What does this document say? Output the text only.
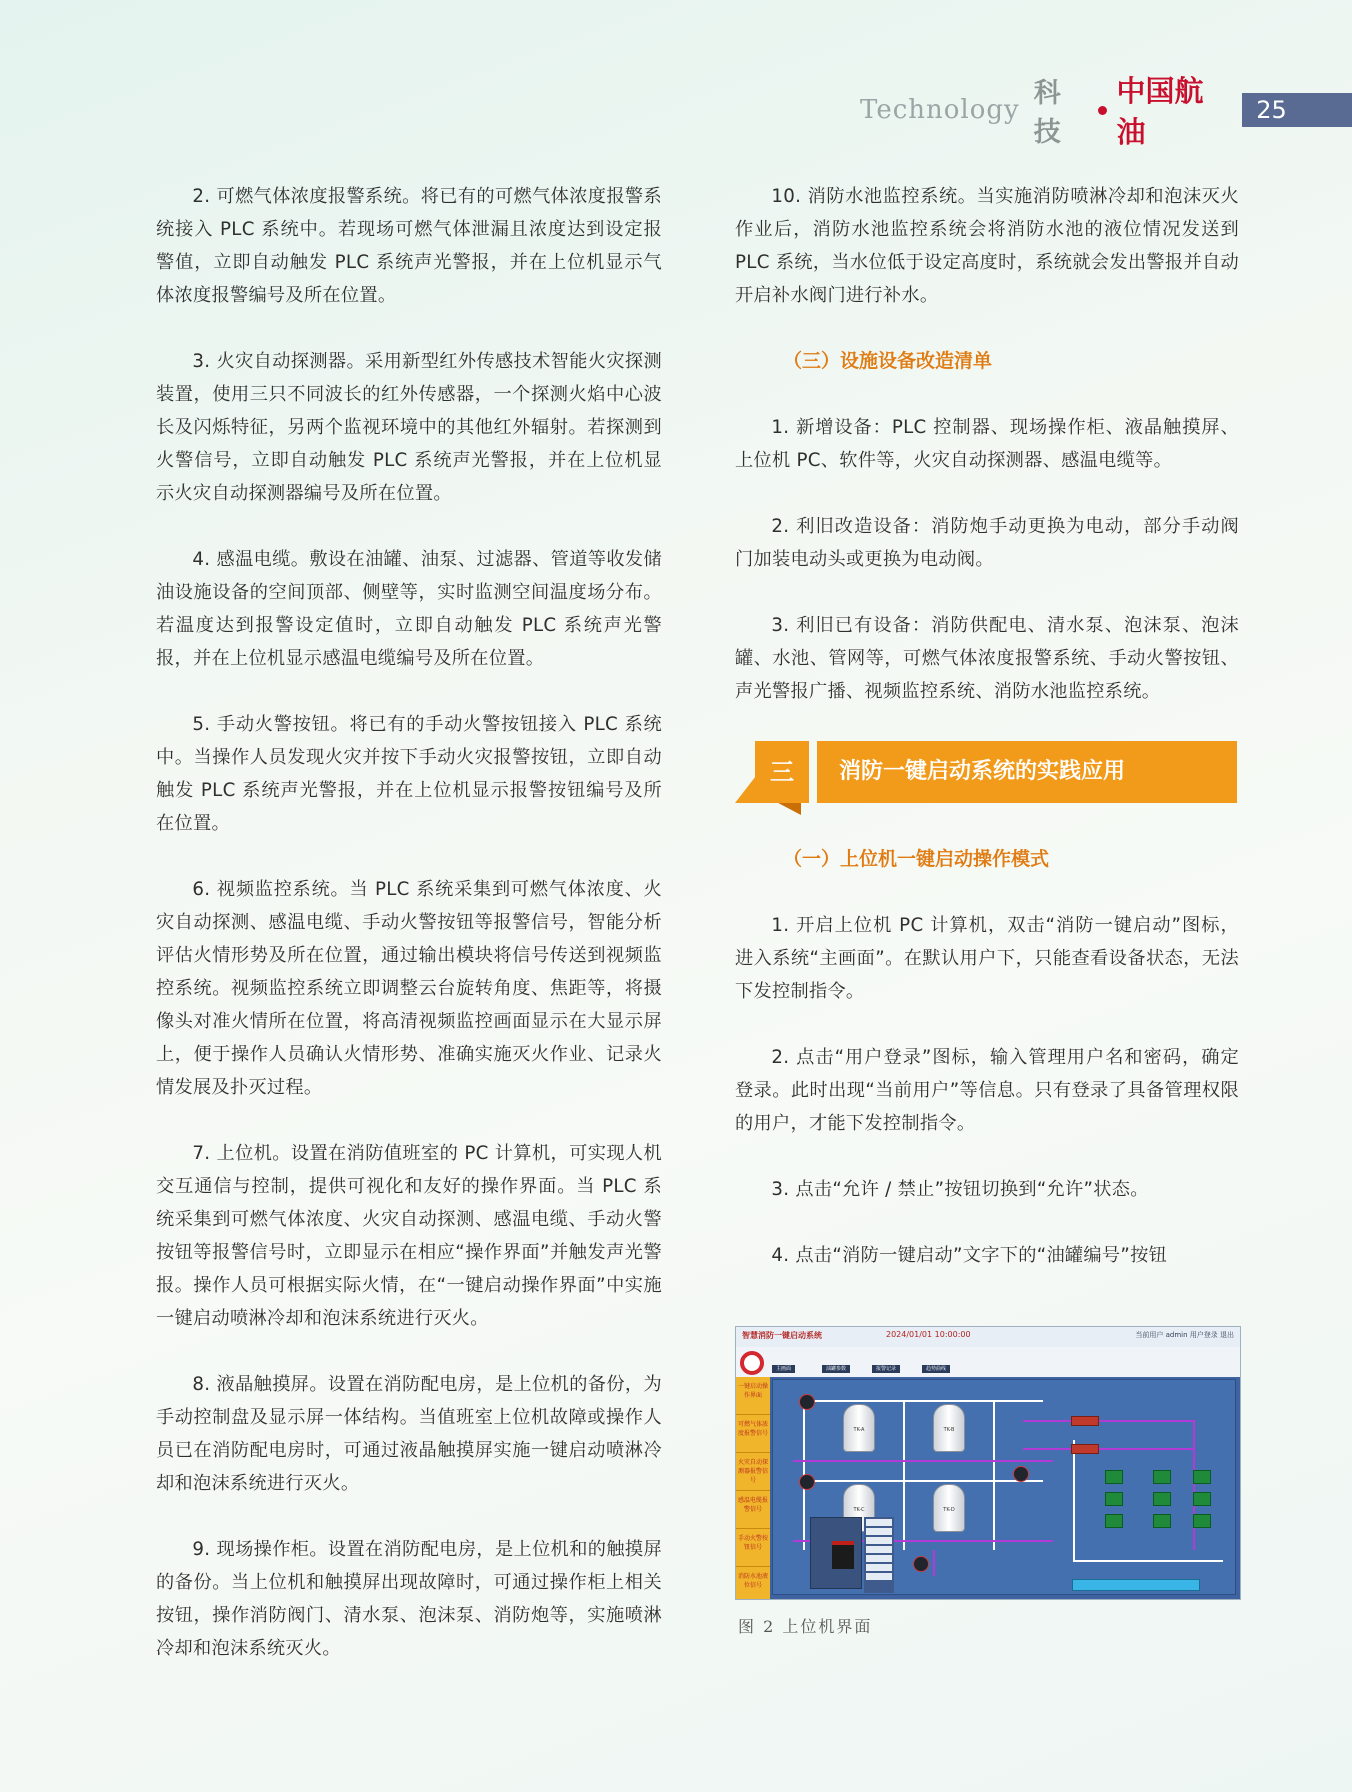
Technology
科技
中国航油
25

2. 可燃气体浓度报警系统。将已有的可燃气体浓度报警系统接入 PLC 系统中。若现场可燃气体泄漏且浓度达到设定报警值，立即自动触发 PLC 系统声光警报，并在上位机显示气体浓度报警编号及所在位置。

3. 火灾自动探测器。采用新型红外传感技术智能火灾探测装置，使用三只不同波长的红外传感器，一个探测火焰中心波长及闪烁特征，另两个监视环境中的其他红外辐射。若探测到火警信号，立即自动触发 PLC 系统声光警报，并在上位机显示火灾自动探测器编号及所在位置。

4. 感温电缆。敷设在油罐、油泵、过滤器、管道等收发储油设施设备的空间顶部、侧壁等，实时监测空间温度场分布。若温度达到报警设定值时，立即自动触发 PLC 系统声光警报，并在上位机显示感温电缆编号及所在位置。

5. 手动火警按钮。将已有的手动火警按钮接入 PLC 系统中。当操作人员发现火灾并按下手动火灾报警按钮，立即自动触发 PLC 系统声光警报，并在上位机显示报警按钮编号及所在位置。

6. 视频监控系统。当 PLC 系统采集到可燃气体浓度、火灾自动探测、感温电缆、手动火警按钮等报警信号，智能分析评估火情形势及所在位置，通过输出模块将信号传送到视频监控系统。视频监控系统立即调整云台旋转角度、焦距等，将摄像头对准火情所在位置，将高清视频监控画面显示在大显示屏上，便于操作人员确认火情形势、准确实施灭火作业、记录火情发展及扑灭过程。

7. 上位机。设置在消防值班室的 PC 计算机，可实现人机交互通信与控制，提供可视化和友好的操作界面。当 PLC 系统采集到可燃气体浓度、火灾自动探测、感温电缆、手动火警按钮等报警信号时，立即显示在相应“操作界面”并触发声光警报。操作人员可根据实际火情，在“一键启动操作界面”中实施一键启动喷淋冷却和泡沫系统进行灭火。

8. 液晶触摸屏。设置在消防配电房，是上位机的备份，为手动控制盘及显示屏一体结构。当值班室上位机故障或操作人员已在消防配电房时，可通过液晶触摸屏实施一键启动喷淋冷却和泡沫系统进行灭火。

9. 现场操作柜。设置在消防配电房，是上位机和的触摸屏的备份。当上位机和触摸屏出现故障时，可通过操作柜上相关按钮，操作消防阀门、清水泵、泡沫泵、消防炮等，实施喷淋冷却和泡沫系统灭火。

10. 消防水池监控系统。当实施消防喷淋冷却和泡沫灭火作业后，消防水池监控系统会将消防水池的液位情况发送到 PLC 系统，当水位低于设定高度时，系统就会发出警报并自动开启补水阀门进行补水。

（三）设施设备改造清单

1. 新增设备：PLC 控制器、现场操作柜、液晶触摸屏、上位机 PC、软件等，火灾自动探测器、感温电缆等。

2. 利旧改造设备：消防炮手动更换为电动，部分手动阀门加装电动头或更换为电动阀。

3. 利旧已有设备：消防供配电、清水泵、泡沫泵、泡沫罐、水池、管网等，可燃气体浓度报警系统、手动火警按钮、声光警报广播、视频监控系统、消防水池监控系统。

三	消防一键启动系统的实践应用
（一）上位机一键启动操作模式

1. 开启上位机 PC 计算机，双击“消防一键启动”图标，进入系统“主画面”。在默认用户下，只能查看设备状态，无法下发控制指令。

2. 点击“用户登录”图标，输入管理用户名和密码，确定登录。此时出现“当前用户”等信息。只有登录了具备管理权限的用户，才能下发控制指令。

3. 点击“允许 / 禁止”按钮切换到“允许”状态。

4. 点击“消防一键启动”文字下的“油罐编号”按钮

智慧消防一键启动系统	2024/01/01 10:00:00	当前用户 admin 用户登录 退出
主画面	油罐参数	报警记录	趋势曲线
一键启动操作界面
可燃气体浓度报警信号
火灾自动探测器报警信号
感温电缆报警信号
手动火警按钮信号
消防水池液位信号
TK-A	TK-B
TK-C	TK-D
图 2 上位机界面
